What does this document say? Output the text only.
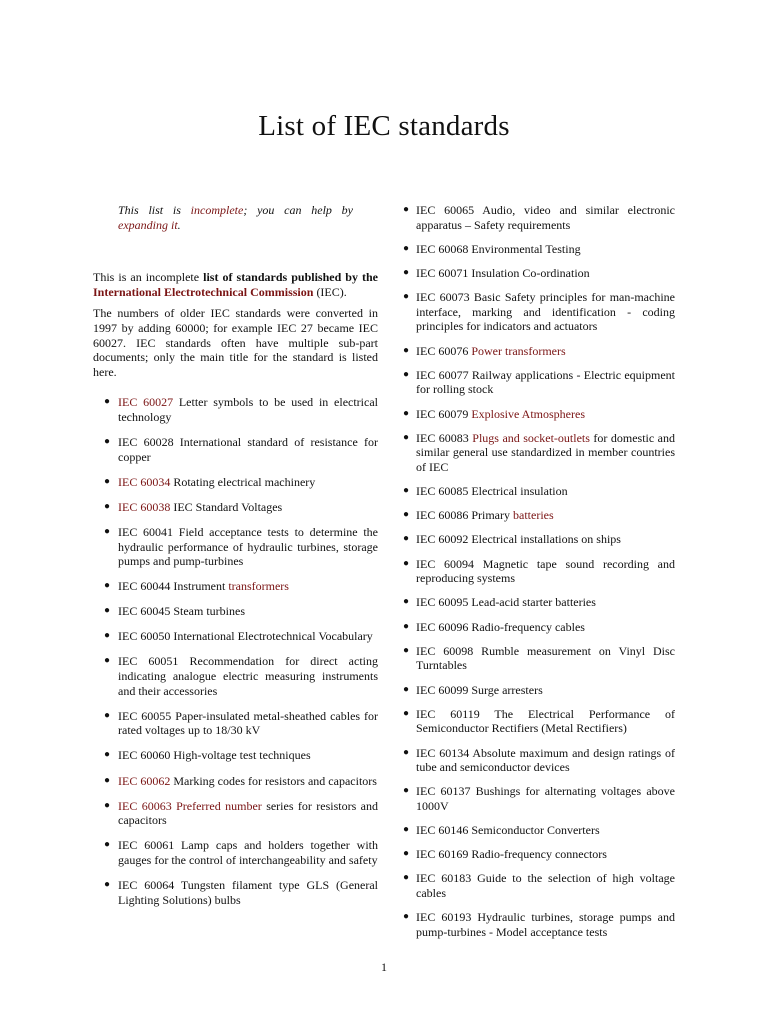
List of IEC standards
This list is incomplete; you can help by expanding it.

This is an incomplete list of standards published by the International Electrotechnical Commission (IEC).

The numbers of older IEC standards were converted in 1997 by adding 60000; for example IEC 27 became IEC 60027. IEC standards often have multiple sub-part documents; only the main title for the standard is listed here.

● IEC 60027 Letter symbols to be used in electrical technology
● IEC 60028 International standard of resistance for copper
● IEC 60034 Rotating electrical machinery
● IEC 60038 IEC Standard Voltages
● IEC 60041 Field acceptance tests to determine the hydraulic performance of hydraulic turbines, storage pumps and pump-turbines
● IEC 60044 Instrument transformers
● IEC 60045 Steam turbines
● IEC 60050 International Electrotechnical Vocabulary
● IEC 60051 Recommendation for direct acting indicating analogue electric measuring instruments and their accessories
● IEC 60055 Paper-insulated metal-sheathed cables for rated voltages up to 18/30 kV
● IEC 60060 High-voltage test techniques
● IEC 60062 Marking codes for resistors and capacitors
● IEC 60063 Preferred number series for resistors and capacitors
● IEC 60061 Lamp caps and holders together with gauges for the control of interchangeability and safety
● IEC 60064 Tungsten filament type GLS (General Lighting Solutions) bulbs
● IEC 60065 Audio, video and similar electronic apparatus – Safety requirements
● IEC 60068 Environmental Testing
● IEC 60071 Insulation Co-ordination
● IEC 60073 Basic Safety principles for man-machine interface, marking and identification - coding principles for indicators and actuators
● IEC 60076 Power transformers
● IEC 60077 Railway applications - Electric equipment for rolling stock
● IEC 60079 Explosive Atmospheres
● IEC 60083 Plugs and socket-outlets for domestic and similar general use standardized in member countries of IEC
● IEC 60085 Electrical insulation
● IEC 60086 Primary batteries
● IEC 60092 Electrical installations on ships
● IEC 60094 Magnetic tape sound recording and reproducing systems
● IEC 60095 Lead-acid starter batteries
● IEC 60096 Radio-frequency cables
● IEC 60098 Rumble measurement on Vinyl Disc Turntables
● IEC 60099 Surge arresters
● IEC 60119 The Electrical Performance of Semiconductor Rectifiers (Metal Rectifiers)
● IEC 60134 Absolute maximum and design ratings of tube and semiconductor devices
● IEC 60137 Bushings for alternating voltages above 1000V
● IEC 60146 Semiconductor Converters
● IEC 60169 Radio-frequency connectors
● IEC 60183 Guide to the selection of high voltage cables
● IEC 60193 Hydraulic turbines, storage pumps and pump-turbines - Model acceptance tests
1
